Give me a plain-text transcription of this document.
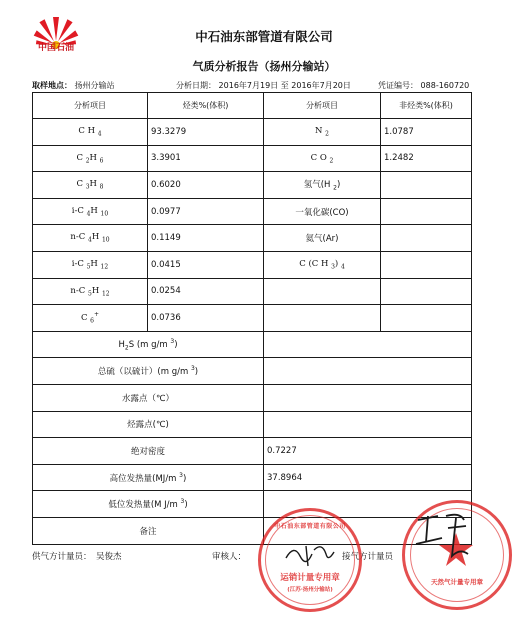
中国石油
中石油东部管道有限公司
气质分析报告（扬州分输站）
取样地点： 扬州分输站	分析日期： 2016年7月19日 至 2016年7月20日	凭证编号： 088-160720
分析项目	烃类%(体积)	分析项目	非烃类%(体积)
C H $_4$	93.3279	N $_2$	1.0787
C $_2$H $_6$	3.3901	C O $_2$	1.2482
C $_3$H $_8$	0.6020	氢气(H $_2$)	
i-C $_4$H $_{10}$	0.0977	一氧化碳(CO)	
n-C $_4$H $_{10}$	0.1149	氦气(Ar)	
i-C $_5$H $_{12}$	0.0415	C (C H $_3$) $_4$	
n-C $_5$H $_{12}$	0.0254		
C $_6$+	0.0736		
$H_2S$ (m g/m $^3$)			
总硫（以硫计）(m g/m $^3$)			
水露点（℃）			
烃露点(℃)			
绝对密度		0.7227	
高位发热量(MJ/m $^3$)		37.8964	
低位发热量(M J/m $^3$)			
备注			
供气方计量员： 吴俊杰	审核人：	接气方计量员
中石油东部管道有限公司
运销计量专用章
(江苏·扬州分输站)
天然气计量专用章
